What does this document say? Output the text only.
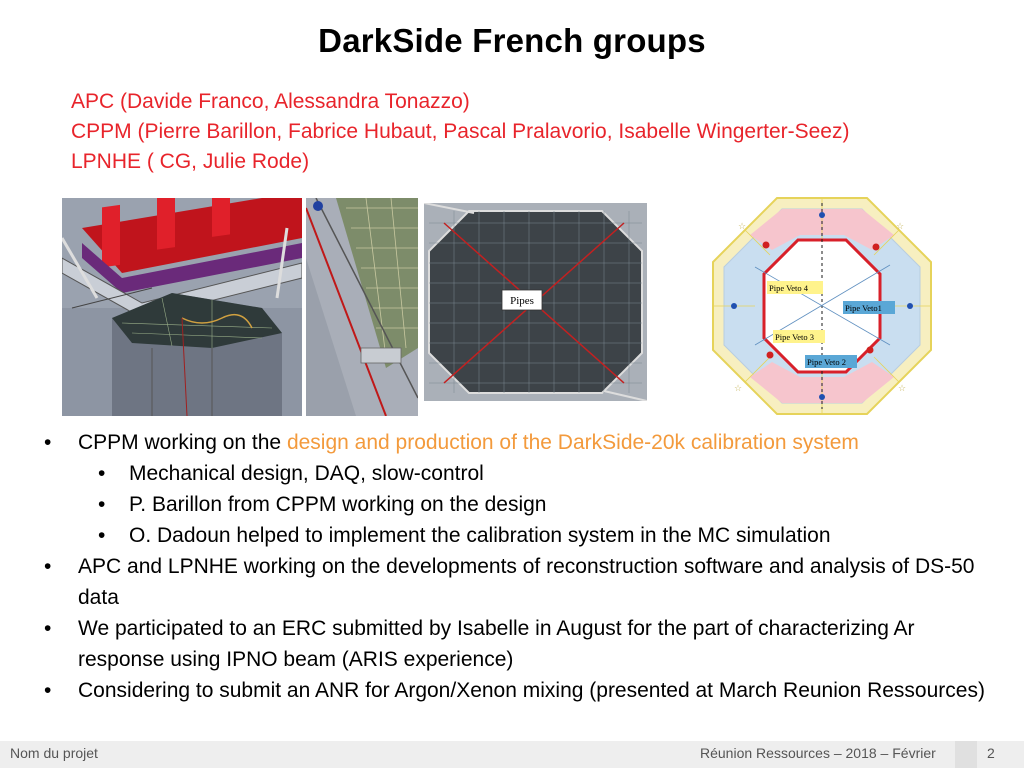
DarkSide French groups
APC (Davide Franco, Alessandra Tonazzo)
CPPM (Pierre Barillon, Fabrice Hubaut, Pascal Pralavorio, Isabelle Wingerter-Seez)
LPNHE ( CG, Julie Rode)
Pipes
☆	☆
☆	☆
Pipe Veto 4
Pipe Veto1
Pipe Veto 3
Pipe Veto 2
• CPPM working on the design and production of the DarkSide-20k calibration system
• Mechanical design, DAQ, slow-control
• P. Barillon from CPPM working on the design
• O. Dadoun helped to implement the calibration system in the MC simulation
• APC and LPNHE working on the developments of reconstruction software and analysis of DS-50 data
• We participated to an ERC submitted by Isabelle in August for the part of characterizing Ar response using IPNO beam (ARIS experience)
• Considering to submit an ANR for Argon/Xenon mixing (presented at March Reunion Ressources)
Nom du projet	Réunion Ressources – 2018 – Février	2
